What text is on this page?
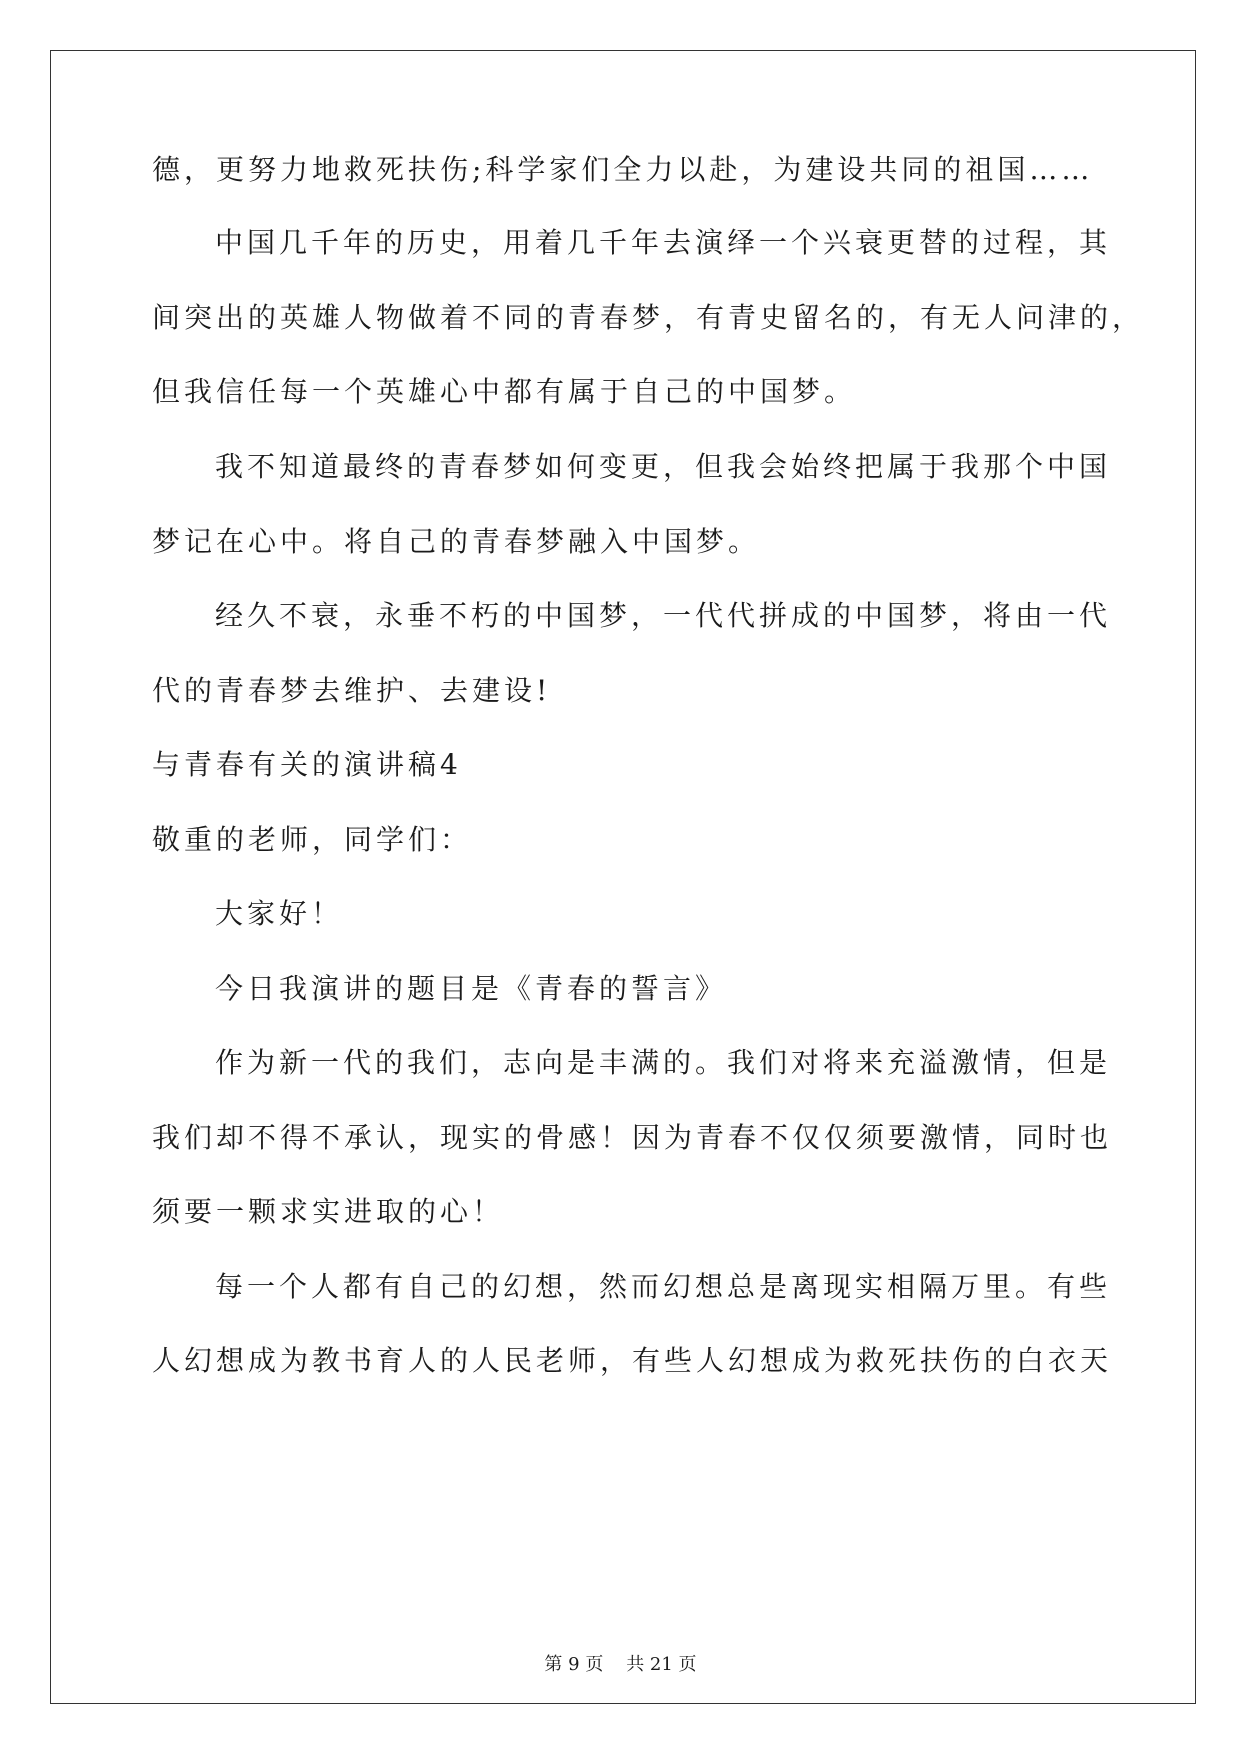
德，更努力地救死扶伤;科学家们全力以赴，为建设共同的祖国……
中国几千年的历史，用着几千年去演绎一个兴衰更替的过程，其
间突出的英雄人物做着不同的青春梦，有青史留名的，有无人问津的，
但我信任每一个英雄心中都有属于自己的中国梦。
我不知道最终的青春梦如何变更，但我会始终把属于我那个中国
梦记在心中。将自己的青春梦融入中国梦。
经久不衰，永垂不朽的中国梦，一代代拼成的中国梦，将由一代
代的青春梦去维护、去建设!
与青春有关的演讲稿4
敬重的老师，同学们：
大家好！
今日我演讲的题目是《青春的誓言》
作为新一代的我们，志向是丰满的。我们对将来充溢激情，但是
我们却不得不承认，现实的骨感！因为青春不仅仅须要激情，同时也
须要一颗求实进取的心！
每一个人都有自己的幻想，然而幻想总是离现实相隔万里。有些
人幻想成为教书育人的人民老师，有些人幻想成为救死扶伤的白衣天
第 9 页    共 21 页
